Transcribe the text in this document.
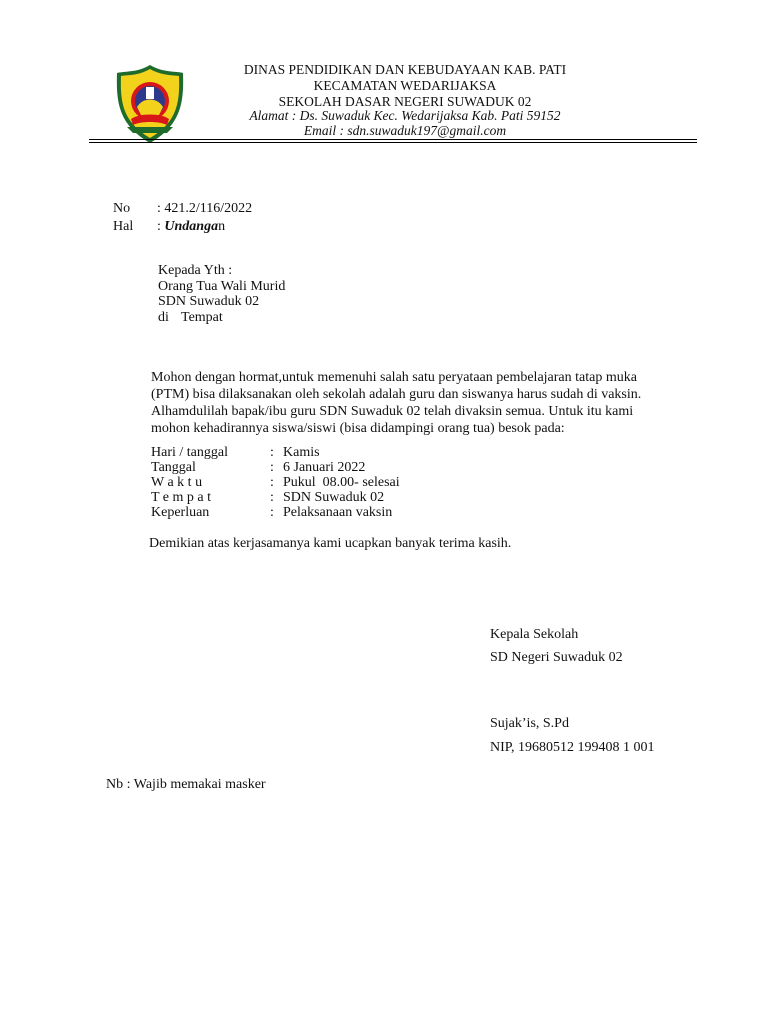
DINAS PENDIDIKAN DAN KEBUDAYAAN KAB. PATI
KECAMATAN WEDARIJAKSA
SEKOLAH DASAR NEGERI SUWADUK 02
Alamat : Ds. Suwaduk Kec. Wedarijaksa Kab. Pati 59152
Email : sdn.suwaduk197@gmail.com
No : 421.2/116/2022
Hal : Undangan
Kepada Yth :
Orang Tua Wali Murid
SDN Suwaduk 02
di Tempat
Mohon dengan hormat,untuk memenuhi salah satu peryataan pembelajaran tatap muka
(PTM) bisa dilaksanakan oleh sekolah adalah guru dan siswanya harus sudah di vaksin.
Alhamdulilah bapak/ibu guru SDN Suwaduk 02 telah divaksin semua. Untuk itu kami
mohon kehadirannya siswa/siswi (bisa didampingi orang tua) besok pada:
Hari / tanggal	: Kamis
Tanggal	: 6 Januari 2022
W a k t u	: Pukul  08.00- selesai
T e m p a t	: SDN Suwaduk 02
Keperluan	: Pelaksanaan vaksin
Demikian atas kerjasamanya kami ucapkan banyak terima kasih.
Kepala Sekolah
SD Negeri Suwaduk 02
Sujak’is, S.Pd
NIP, 19680512 199408 1 001
Nb : Wajib memakai masker
